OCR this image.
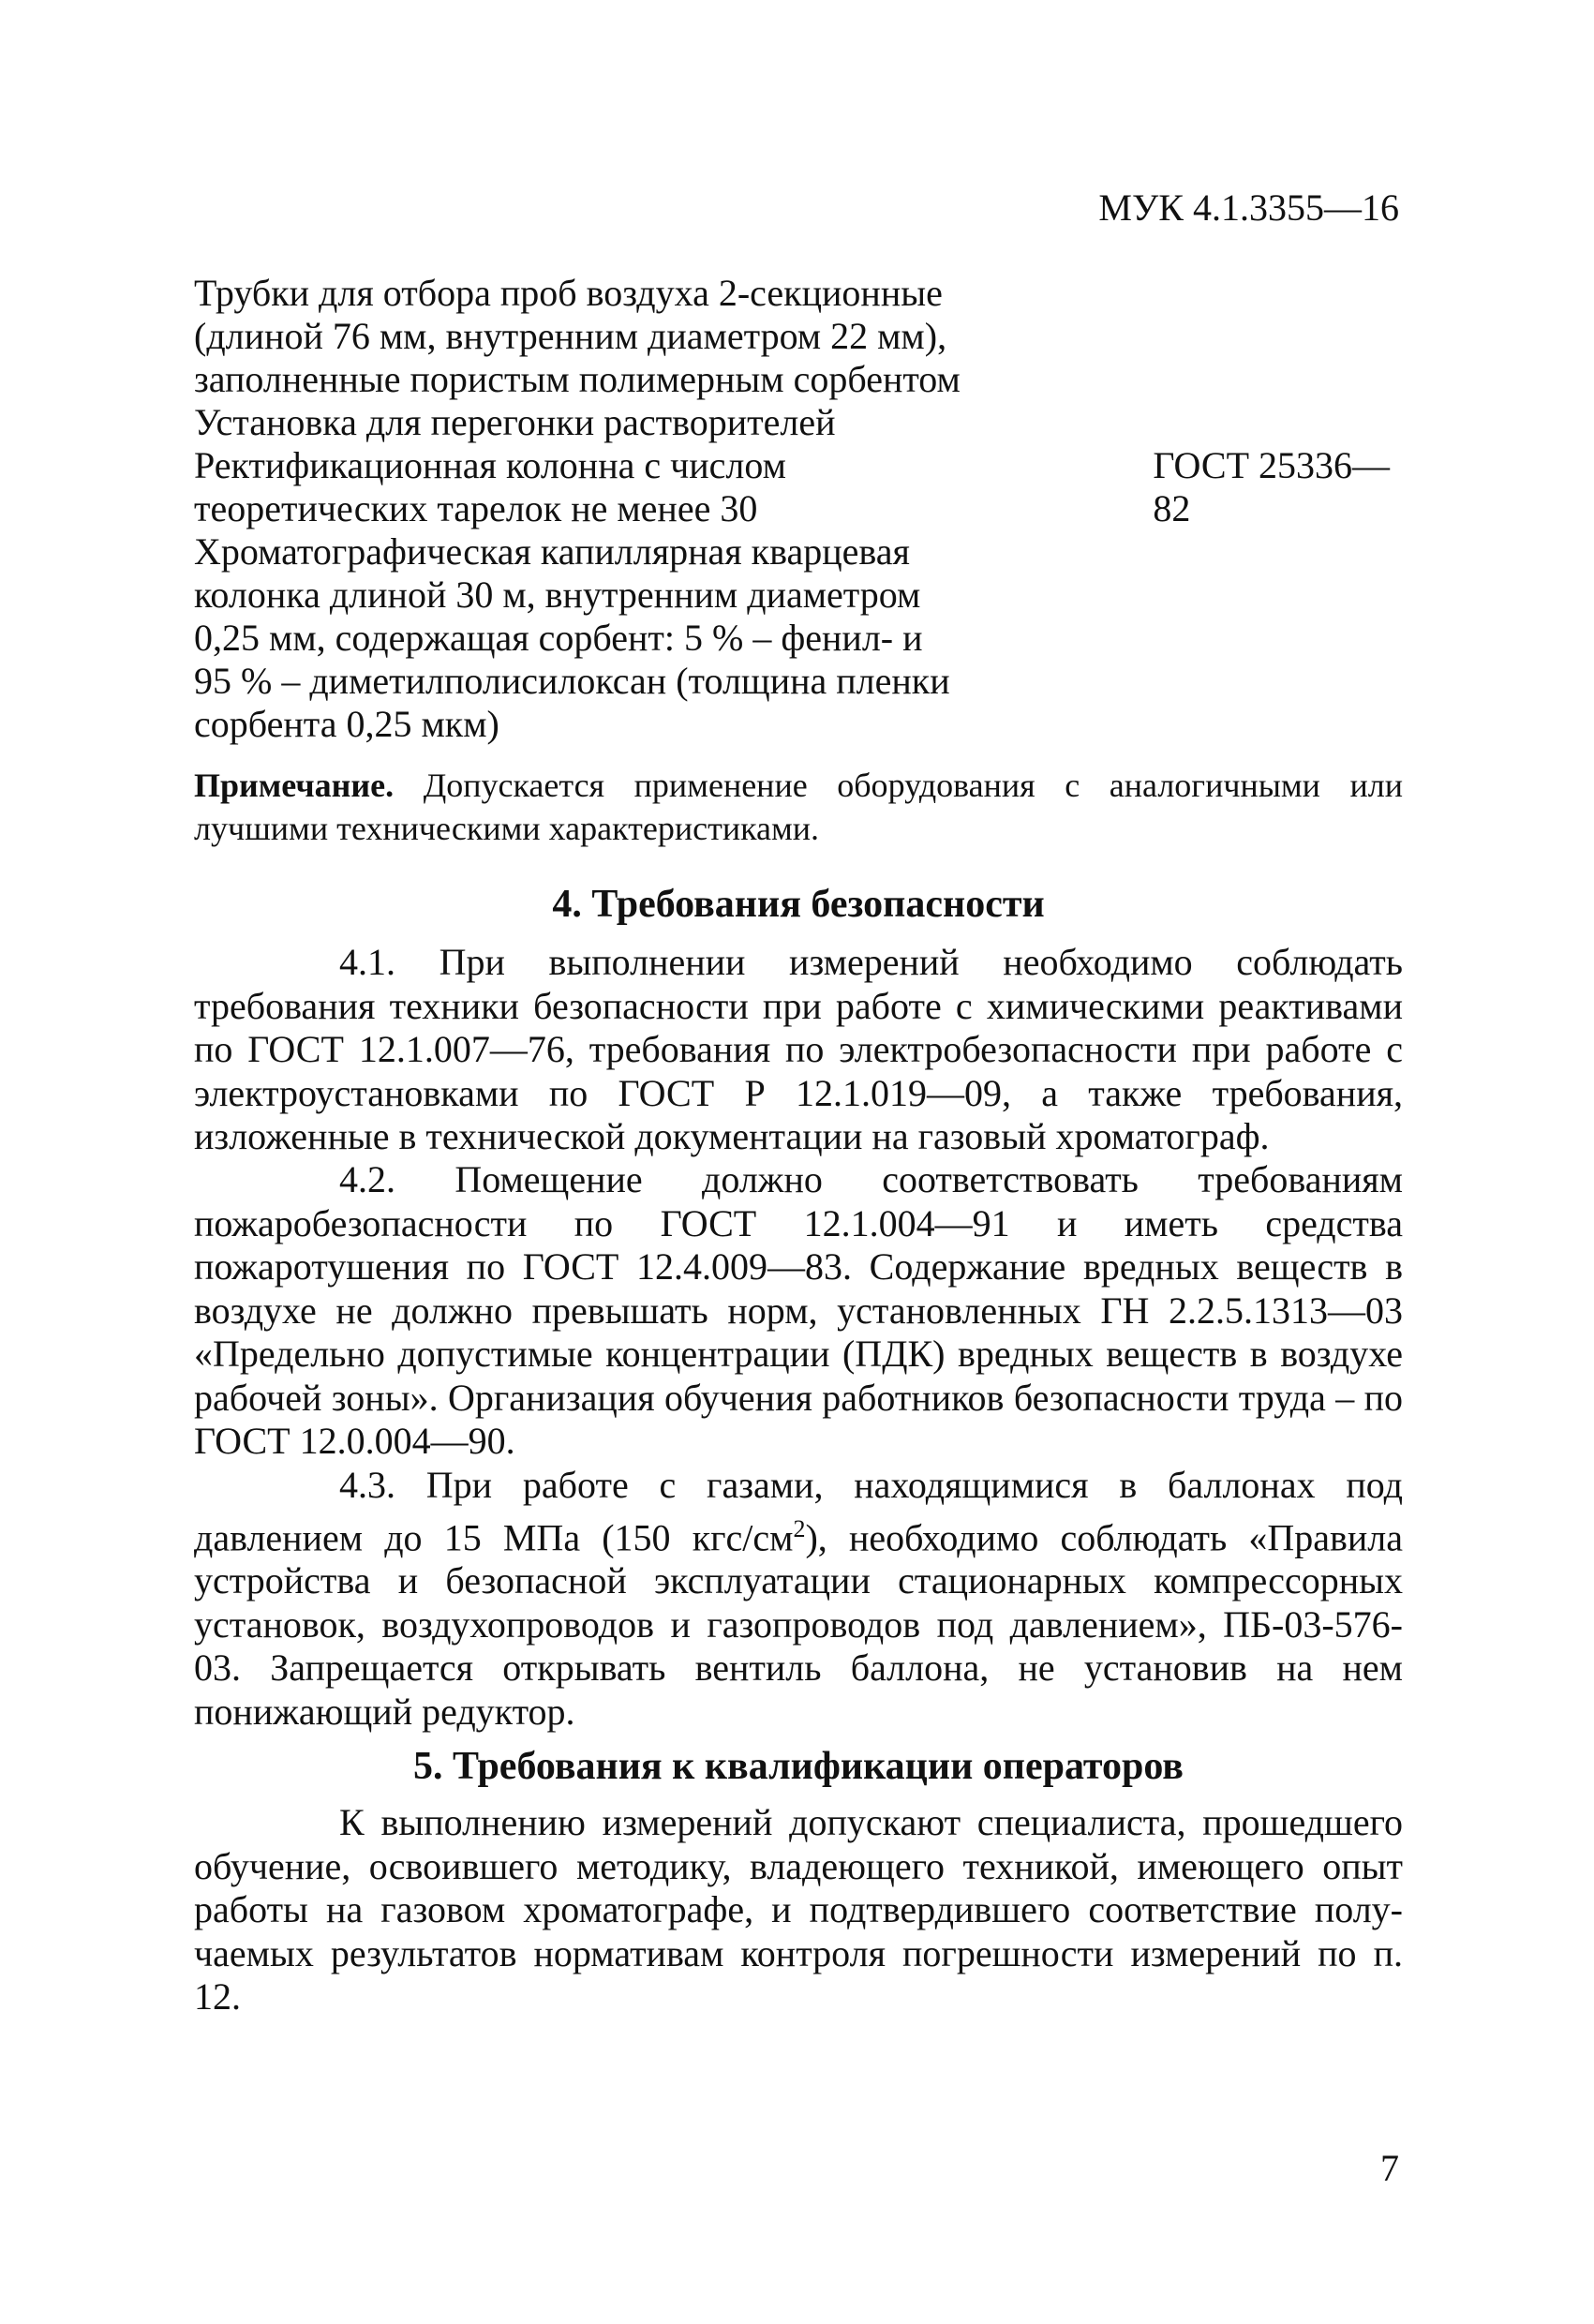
МУК 4.1.3355—16
Трубки для отбора проб воздуха 2-секционные
(длиной 76 мм, внутренним диаметром 22 мм),
заполненные пористым полимерным сорбентом
Установка для перегонки растворителей
Ректификационная колонна с числом
теоретических тарелок не менее 30
ГОСТ 25336—82
Хроматографическая капиллярная кварцевая
колонка длиной 30 м, внутренним диаметром
0,25 мм, содержащая сорбент: 5 % – фенил- и
95 % – диметилполисилоксан (толщина пленки
сорбента 0,25 мкм)
Примечание. Допускается применение оборудования с аналогичными или лучшими техническими характеристиками.
4. Требования безопасности
4.1. При выполнении измерений необходимо соблюдать требования техники безопасности при работе с химическими реактивами по ГОСТ 12.1.007—76, требования по электробезопасности при работе с электроустановками по ГОСТ Р 12.1.019—09, а также требования, изложенные в технической документации на газовый хроматограф.
4.2. Помещение должно соответствовать требованиям пожаробезопасности по ГОСТ 12.1.004—91 и иметь средства пожаротушения по ГОСТ 12.4.009—83. Содержание вредных веществ в воздухе не должно превышать норм, установленных ГН 2.2.5.1313—03 «Предельно допустимые концентрации (ПДК) вредных веществ в воздухе рабочей зоны». Организация обучения работников безопасности труда – по ГОСТ 12.0.004—90.
4.3. При работе с газами, находящимися в баллонах под давлением до 15 МПа (150 кгс/$см^2$), необходимо соблюдать «Правила устройства и безопасной эксплуатации стационарных компрессорных установок, воздухопроводов и газопроводов под давлением», ПБ-03-576-03. Запрещается открывать вентиль баллона, не установив на нем понижающий редуктор.
5. Требования к квалификации операторов
К выполнению измерений допускают специалиста, прошедшего обучение, освоившего методику, владеющего техникой, имеющего опыт работы на газовом хроматографе, и подтвердившего соответствие получаемых результатов нормативам контроля погрешности измерений по п. 12.
7
